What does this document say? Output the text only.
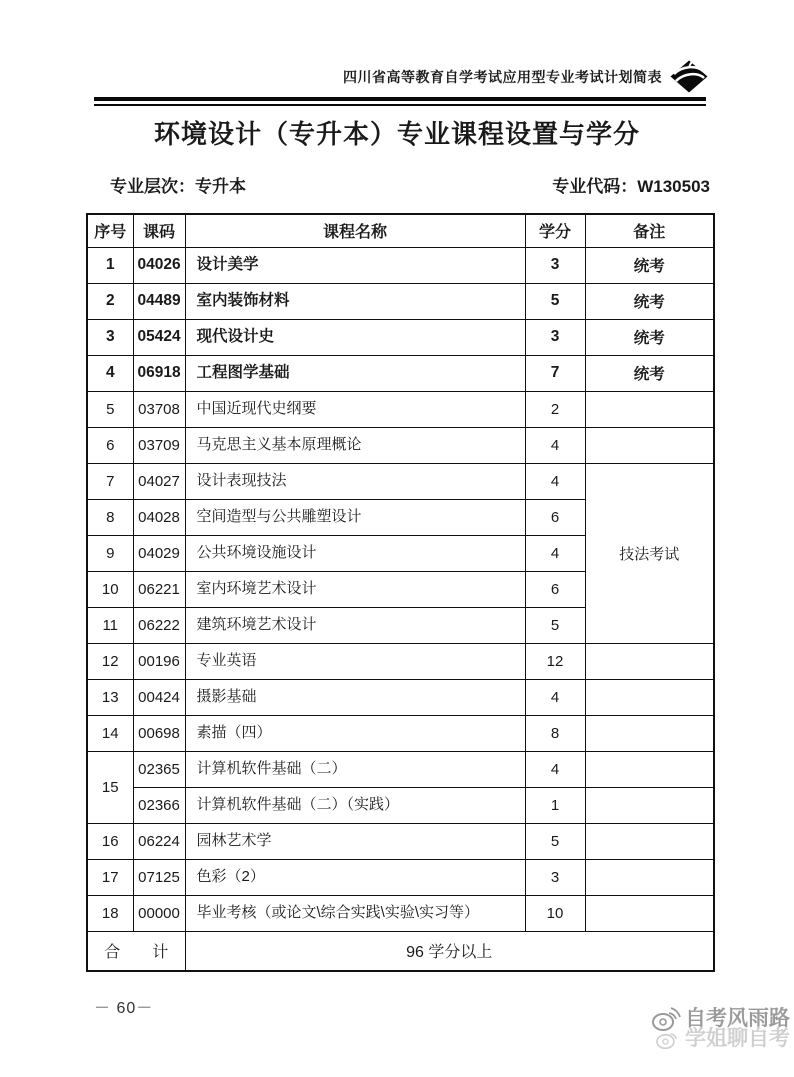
四川省高等教育自学考试应用型专业考试计划简表
环境设计（专升本）专业课程设置与学分
专业层次：专升本	专业代码：W130503
序号	课码	课程名称	学分	备注
1	04026	设计美学	3	统考
2	04489	室内装饰材料	5	统考
3	05424	现代设计史	3	统考
4	06918	工程图学基础	7	统考
5	03708	中国近现代史纲要	2	
6	03709	马克思主义基本原理概论	4	
7	04027	设计表现技法	4	技法考试
8	04028	空间造型与公共雕塑设计	6	
9	04029	公共环境设施设计	4	
10	06221	室内环境艺术设计	6	
11	06222	建筑环境艺术设计	5	
12	00196	专业英语	12	
13	00424	摄影基础	4	
14	00698	素描（四）	8	
15	02365	计算机软件基础（二）	4	
	02366	计算机软件基础（二）（实践）	1	
16	06224	园林艺术学	5	
17	07125	色彩（2）	3	
18	00000	毕业考核（或论文\综合实践\实验\实习等）	10	
合　　计		96 学分以上		
－ 60－	自考风雨路
学姐聊自考
